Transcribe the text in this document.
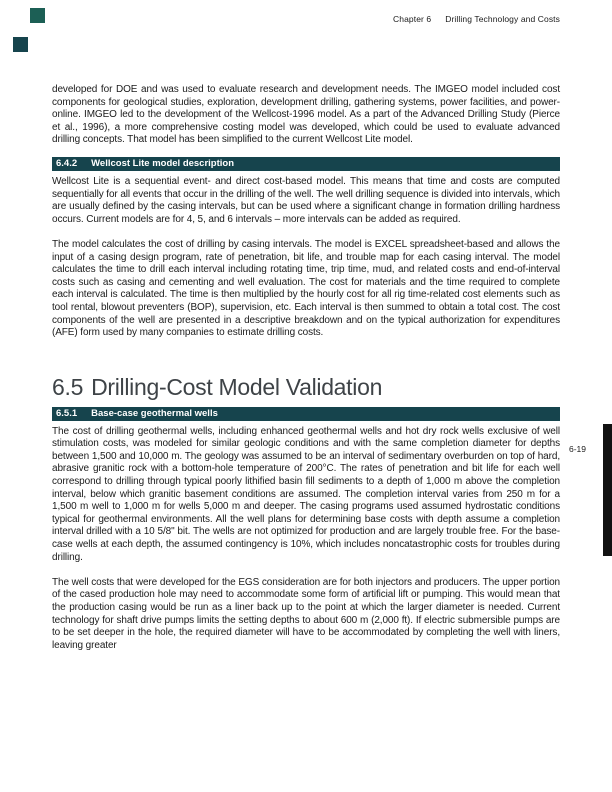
Chapter 6 Drilling Technology and Costs
6-19

developed for DOE and was used to evaluate research and development needs. The IMGEO model included cost components for geological studies, exploration, development drilling, gathering systems, power facilities, and power-online. IMGEO led to the development of the Wellcost-1996 model. As a part of the Advanced Drilling Study (Pierce et al., 1996), a more comprehensive costing model was developed, which could be used to evaluate advanced drilling concepts. That model has been simplified to the current Wellcost Lite model.

6.4.2 Wellcost Lite model description

Wellcost Lite is a sequential event- and direct cost-based model. This means that time and costs are computed sequentially for all events that occur in the drilling of the well. The well drilling sequence is divided into intervals, which are usually defined by the casing intervals, but can be used where a significant change in formation drilling hardness occurs. Current models are for 4, 5, and 6 intervals – more intervals can be added as required.

The model calculates the cost of drilling by casing intervals. The model is EXCEL spreadsheet-based and allows the input of a casing design program, rate of penetration, bit life, and trouble map for each casing interval. The model calculates the time to drill each interval including rotating time, trip time, mud, and related costs and end-of-interval costs such as casing and cementing and well evaluation. The cost for materials and the time required to complete each interval is calculated. The time is then multiplied by the hourly cost for all rig time-related cost elements such as tool rental, blowout preventers (BOP), supervision, etc. Each interval is then summed to obtain a total cost. The cost components of the well are presented in a descriptive breakdown and on the typical authorization for expenditures (AFE) form used by many companies to estimate drilling costs.

6.5 Drilling-Cost Model Validation
6.5.1 Base-case geothermal wells

The cost of drilling geothermal wells, including enhanced geothermal wells and hot dry rock wells exclusive of well stimulation costs, was modeled for similar geologic conditions and with the same completion diameter for depths between 1,500 and 10,000 m. The geology was assumed to be an interval of sedimentary overburden on top of hard, abrasive granitic rock with a bottom-hole temperature of 200°C. The rates of penetration and bit life for each well correspond to drilling through typical poorly lithified basin fill sediments to a depth of 1,000 m above the completion interval, below which granitic basement conditions are assumed. The completion interval varies from 250 m for a 1,500 m well to 1,000 m for wells 5,000 m and deeper. The casing programs used assumed hydrostatic conditions typical for geothermal environments. All the well plans for determining base costs with depth assume a completion interval drilled with a 10 5/8" bit. The wells are not optimized for production and are largely trouble free. For the base-case wells at each depth, the assumed contingency is 10%, which includes noncatastrophic costs for troubles during drilling.

The well costs that were developed for the EGS consideration are for both injectors and producers. The upper portion of the cased production hole may need to accommodate some form of artificial lift or pumping. This would mean that the production casing would be run as a liner back up to the point at which the larger diameter is needed. Current technology for shaft drive pumps limits the setting depths to about 600 m (2,000 ft). If electric submersible pumps are to be set deeper in the hole, the required diameter will have to be accommodated by completing the well with liners, leaving greater
